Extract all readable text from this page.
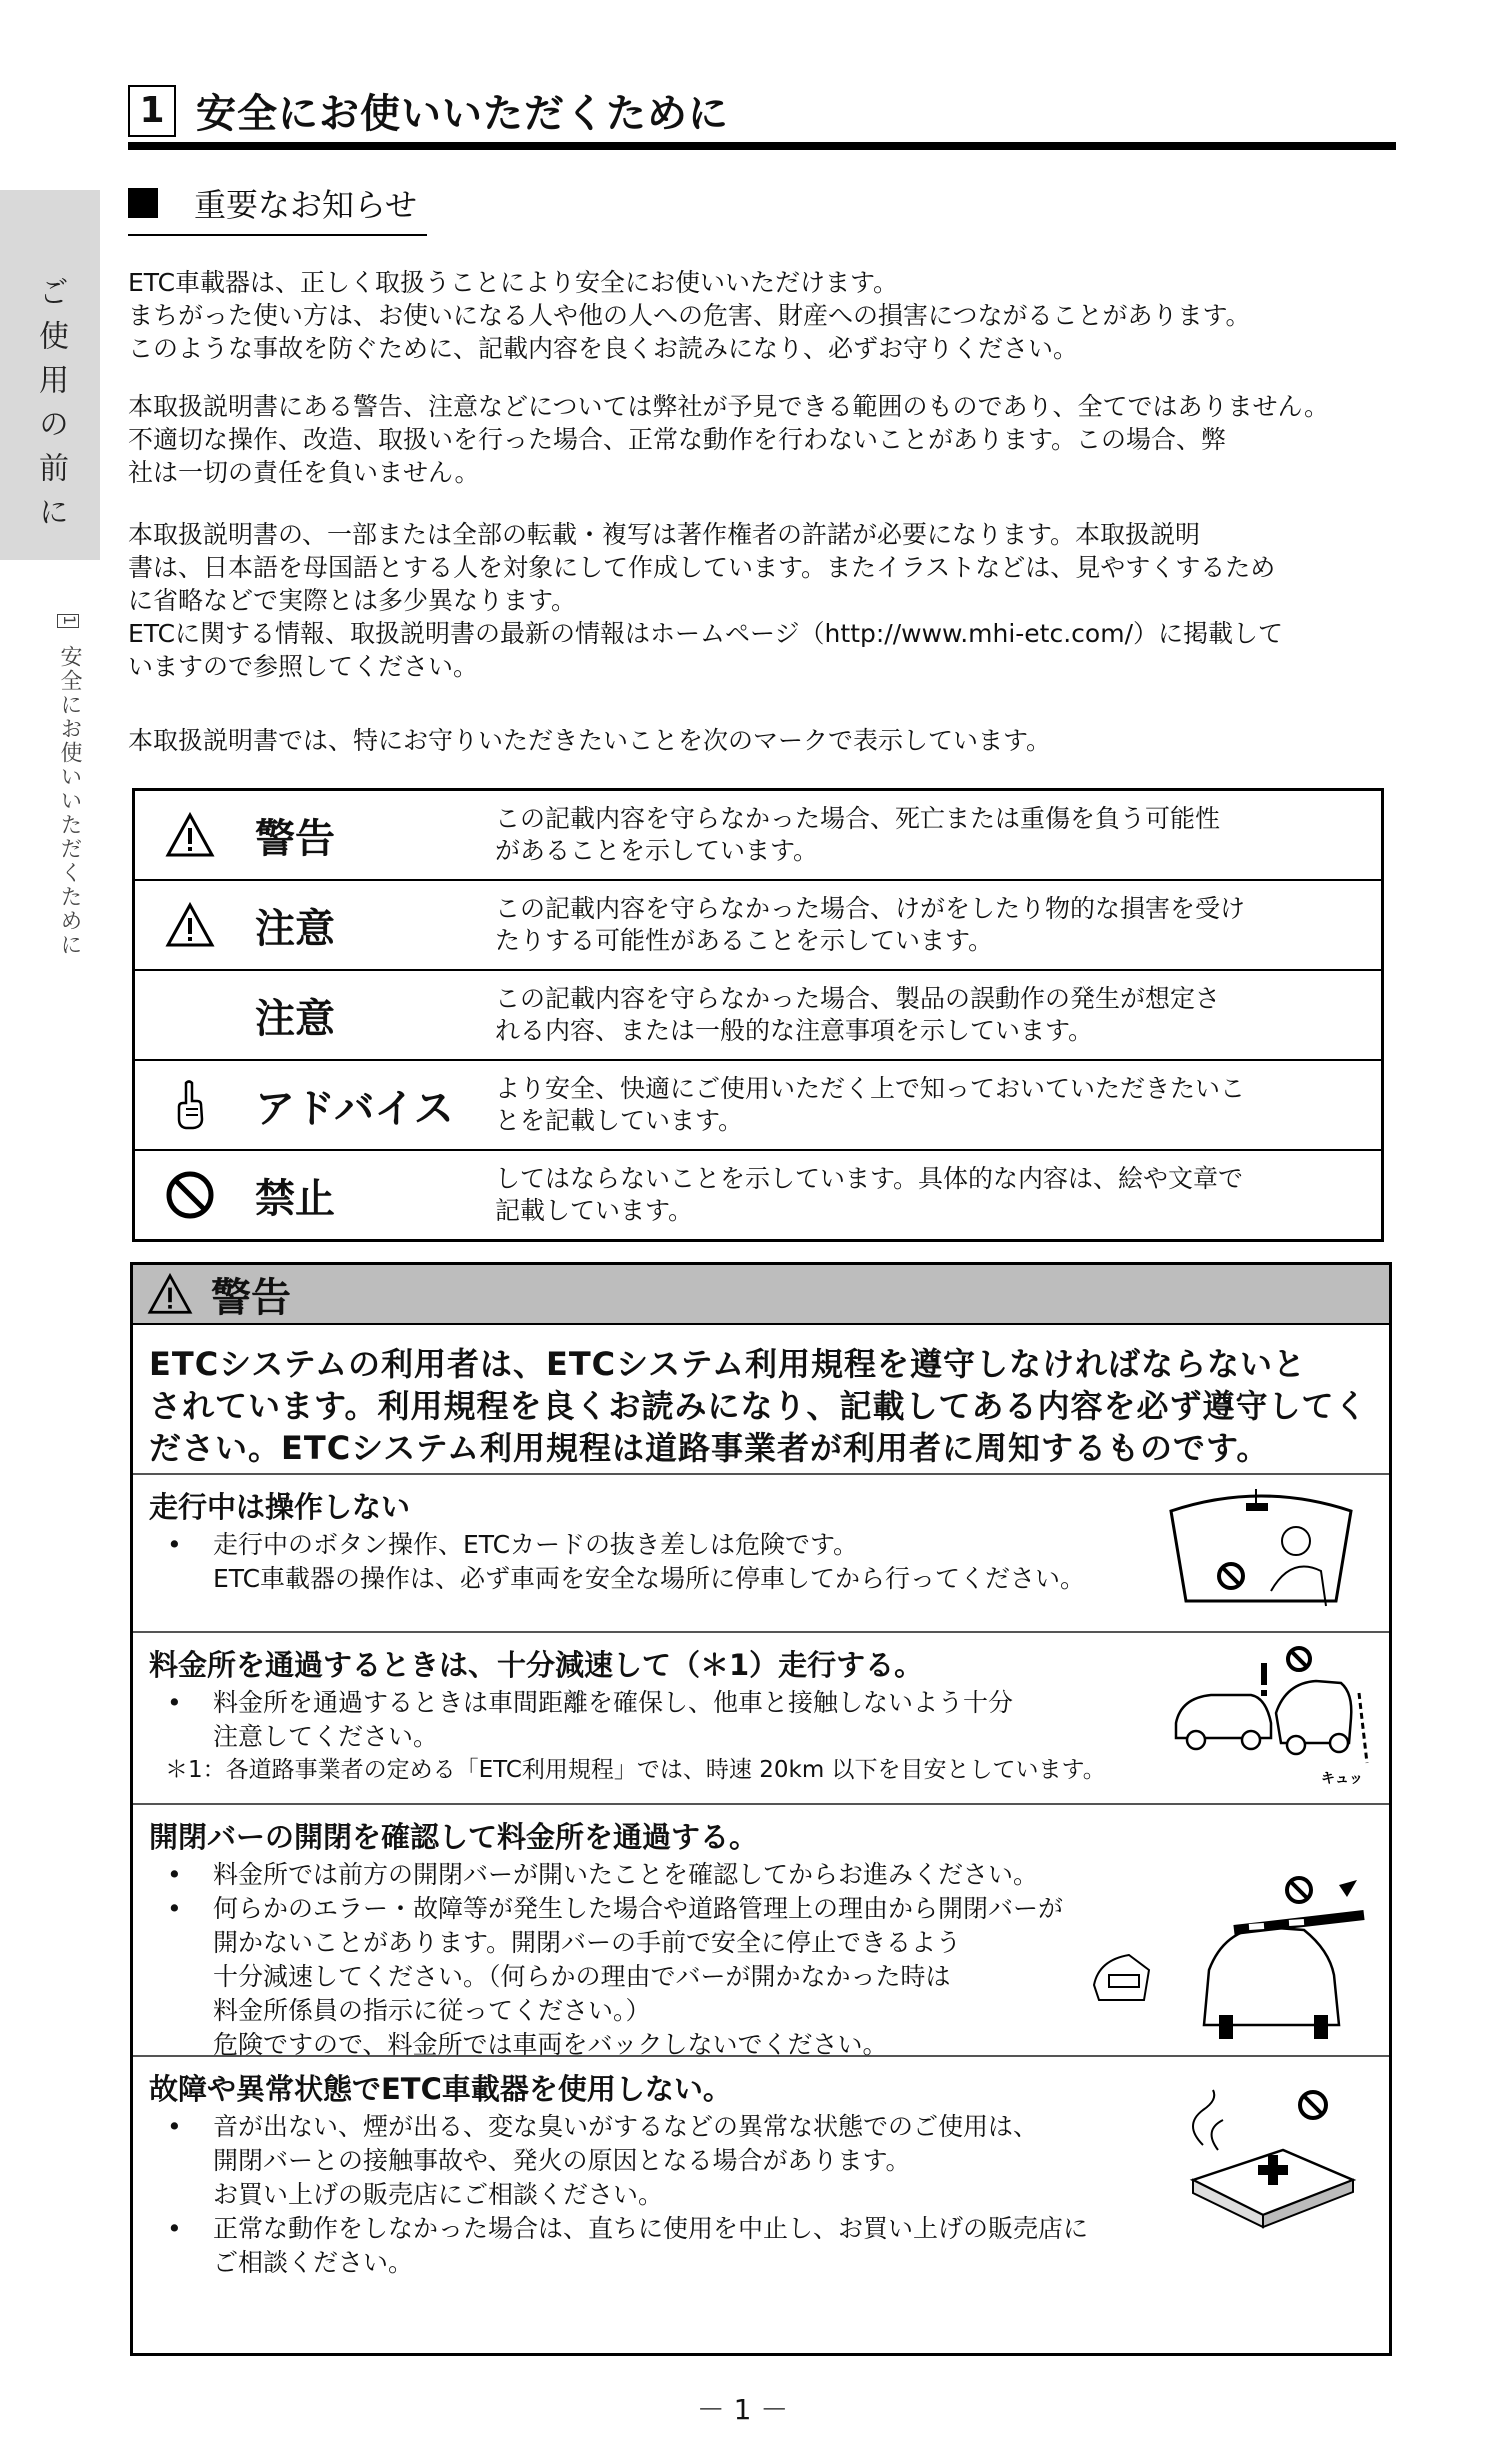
ご使用の前に
1 安全にお使いいただくために
1 安全にお使いいただくために
重要なお知らせ

ETC車載器は、正しく取扱うことにより安全にお使いいただけます。

まちがった使い方は、お使いになる人や他の人への危害、財産への損害につながることがあります。

このような事故を防ぐために、記載内容を良くお読みになり、必ずお守りください。

本取扱説明書にある警告、注意などについては弊社が予見できる範囲のものであり、全てではありません。

不適切な操作、改造、取扱いを行った場合、正常な動作を行わないことがあります。この場合、弊

社は一切の責任を負いません。

本取扱説明書の、一部または全部の転載・複写は著作権者の許諾が必要になります。本取扱説明

書は、日本語を母国語とする人を対象にして作成しています。またイラストなどは、見やすくするため

に省略などで実際とは多少異なります。

ETCに関する情報、取扱説明書の最新の情報はホームページ（http://www.mhi-etc.com/）に掲載して

いますので参照してください。

本取扱説明書では、特にお守りいただきたいことを次のマークで表示しています。

警告	この記載内容を守らなかった場合、死亡または重傷を負う可能性
があることを示しています。
注意	この記載内容を守らなかった場合、けがをしたり物的な損害を受け
たりする可能性があることを示しています。
注意	この記載内容を守らなかった場合、製品の誤動作の発生が想定さ
れる内容、または一般的な注意事項を示しています。
アドバイス	より安全、快適にご使用いただく上で知っておいていただきたいこ
とを記載しています。
禁止	してはならないことを示しています。具体的な内容は、絵や文章で
記載しています。
警告
ETCシステムの利用者は、ETCシステム利用規程を遵守しなければならないと
されています。利用規程を良くお読みになり、記載してある内容を必ず遵守してく
ださい。ETCシステム利用規程は道路事業者が利用者に周知するものです。
走行中は操作しない
• 走行中のボタン操作、ETCカードの抜き差しは危険です。
ETC車載器の操作は、必ず車両を安全な場所に停車してから行ってください。
料金所を通過するときは、十分減速して（＊1）走行する。
• 料金所を通過するときは車間距離を確保し、他車と接触しないよう十分
注意してください。
＊1：各道路事業者の定める「ETC利用規程」では、時速 20km 以下を目安としています。	キュッ
開閉バーの開閉を確認して料金所を通過する。
• 料金所では前方の開閉バーが開いたことを確認してからお進みください。
• 何らかのエラー・故障等が発生した場合や道路管理上の理由から開閉バーが
開かないことがあります。開閉バーの手前で安全に停止できるよう
十分減速してください。（何らかの理由でバーが開かなかった時は
料金所係員の指示に従ってください。）
危険ですので、料金所では車両をバックしないでください。
故障や異常状態でETC車載器を使用しない。
• 音が出ない、煙が出る、変な臭いがするなどの異常な状態でのご使用は、
開閉バーとの接触事故や、発火の原因となる場合があります。
お買い上げの販売店にご相談ください。
• 正常な動作をしなかった場合は、直ちに使用を中止し、お買い上げの販売店に
ご相談ください。
－ 1 －
